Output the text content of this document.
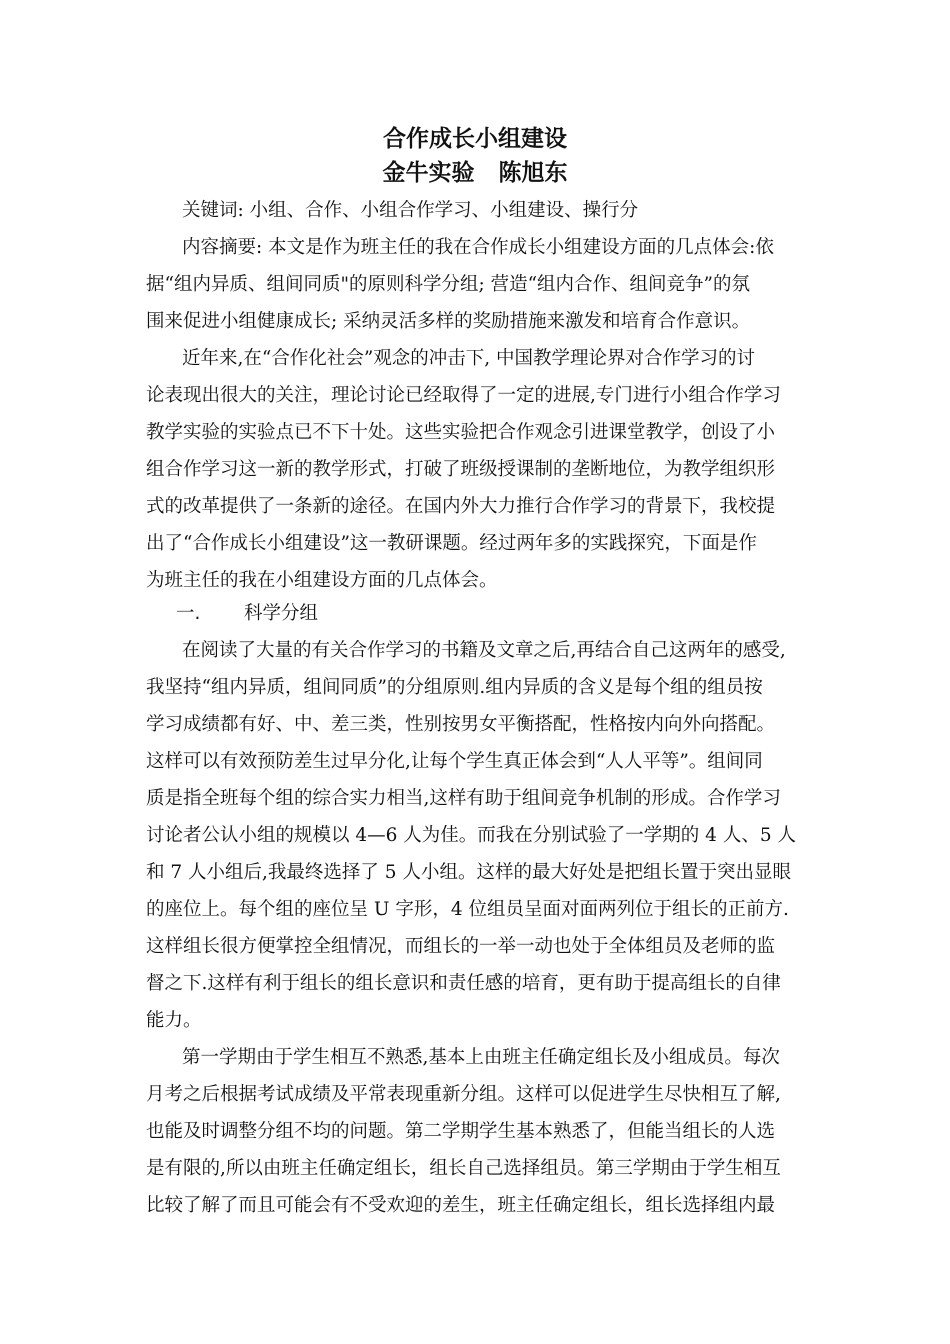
合作成长小组建设
金牛实验 陈旭东
关键词: 小组、合作、小组合作学习、小组建设、操行分
内容摘要: 本文是作为班主任的我在合作成长小组建设方面的几点体会:依
据“组内异质、组间同质"的原则科学分组; 营造“组内合作、组间竞争”的氛
围来促进小组健康成长; 采纳灵活多样的奖励措施来激发和培育合作意识。
近年来,在“合作化社会”观念的冲击下, 中国教学理论界对合作学习的讨
论表现出很大的关注，理论讨论已经取得了一定的进展,专门进行小组合作学习
教学实验的实验点已不下十处。这些实验把合作观念引进课堂教学，创设了小
组合作学习这一新的教学形式，打破了班级授课制的垄断地位，为教学组织形
式的改革提供了一条新的途径。在国内外大力推行合作学习的背景下，我校提
出了“合作成长小组建设”这一教研课题。经过两年多的实践探究，下面是作
为班主任的我在小组建设方面的几点体会。
一. 科学分组
在阅读了大量的有关合作学习的书籍及文章之后,再结合自己这两年的感受,
我坚持“组内异质，组间同质”的分组原则.组内异质的含义是每个组的组员按
学习成绩都有好、中、差三类，性别按男女平衡搭配，性格按内向外向搭配。
这样可以有效预防差生过早分化,让每个学生真正体会到“人人平等”。组间同
质是指全班每个组的综合实力相当,这样有助于组间竞争机制的形成。合作学习
讨论者公认小组的规模以 4—6 人为佳。而我在分别试验了一学期的 4 人、5 人
和 7 人小组后,我最终选择了 5 人小组。这样的最大好处是把组长置于突出显眼
的座位上。每个组的座位呈 U 字形，4 位组员呈面对面两列位于组长的正前方.
这样组长很方便掌控全组情况，而组长的一举一动也处于全体组员及老师的监
督之下.这样有利于组长的组长意识和责任感的培育，更有助于提高组长的自律
能力。
第一学期由于学生相互不熟悉,基本上由班主任确定组长及小组成员。每次
月考之后根据考试成绩及平常表现重新分组。这样可以促进学生尽快相互了解,
也能及时调整分组不均的问题。第二学期学生基本熟悉了，但能当组长的人选
是有限的,所以由班主任确定组长，组长自己选择组员。第三学期由于学生相互
比较了解了而且可能会有不受欢迎的差生，班主任确定组长，组长选择组内最
